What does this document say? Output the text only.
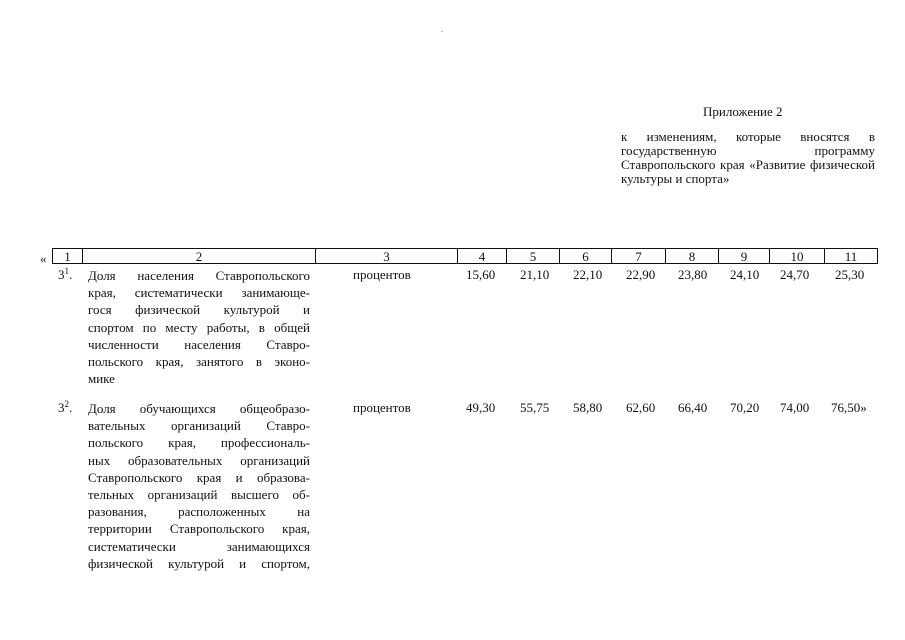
Приложение 2
к изменениям, которые вносятся в государственную программу Ставропольского края «Развитие физической культуры и спорта»
«	1	2	3	4	5	6	7	8	9	10	11
$3^1$. Доля населения Ставропольского
края, систематически занимающе-
гося физической культурой и
спортом по месту работы, в общей
численности населения Ставро-
польского края, занятого в эконо-
мике
процентов	15,60 21,10 22,10 22,90 23,80 24,10 24,70 25,30
$3^2$. Доля обучающихся общеобразо-
вательных организаций Ставро-
польского края, профессиональ-
ных образовательных организаций
Ставропольского края и образова-
тельных организаций высшего об-
разования, расположенных на
территории Ставропольского края,
систематически занимающихся
физической культурой и спортом,
процентов	49,30 55,75 58,80 62,60 66,40 70,20 74,00 76,50»
